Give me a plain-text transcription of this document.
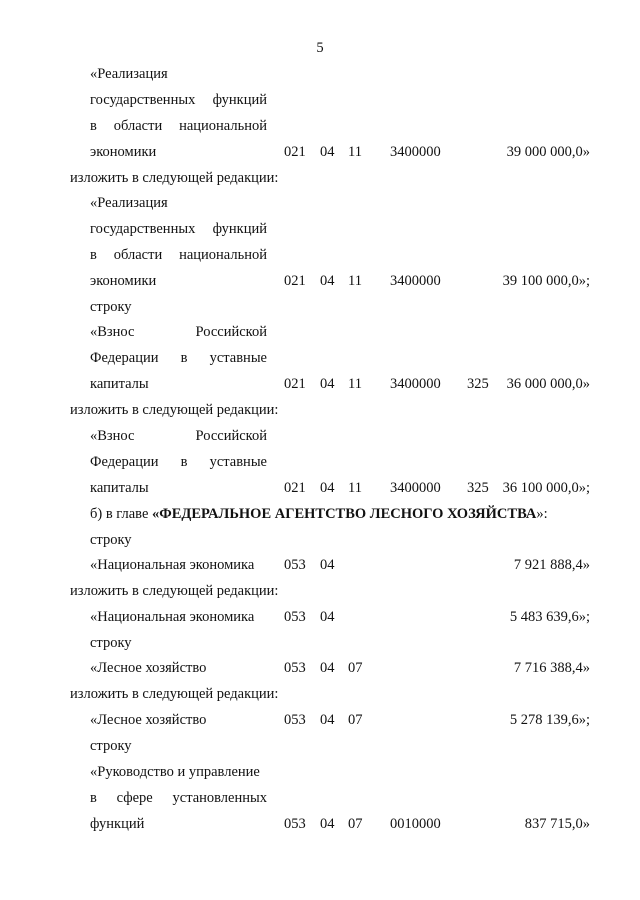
5
«Реализация
государственных функций
в области национальной
экономики	021 04 11 3400000	39 000 000,0»
изложить в следующей редакции:
«Реализация
государственных функций
в области национальной
экономики	021 04 11 3400000	39 100 000,0»;
строку
«Взнос Российской
Федерации в уставные
капиталы	021 04 11 3400000 325 36 000 000,0»
изложить в следующей редакции:
«Взнос Российской
Федерации в уставные
капиталы	021 04 11 3400000 325 36 100 000,0»;
б) в главе «ФЕДЕРАЛЬНОЕ АГЕНТСТВО ЛЕСНОГО ХОЗЯЙСТВА»:
строку
«Национальная экономика 053 04	7 921 888,4»
изложить в следующей редакции:
«Национальная экономика 053 04	5 483 639,6»;
строку
«Лесное хозяйство	053 04 07	7 716 388,4»
изложить в следующей редакции:
«Лесное хозяйство	053 04 07	5 278 139,6»;
строку
«Руководство и управление
в сфере установленных
функций	053 04 07 0010000	837 715,0»
